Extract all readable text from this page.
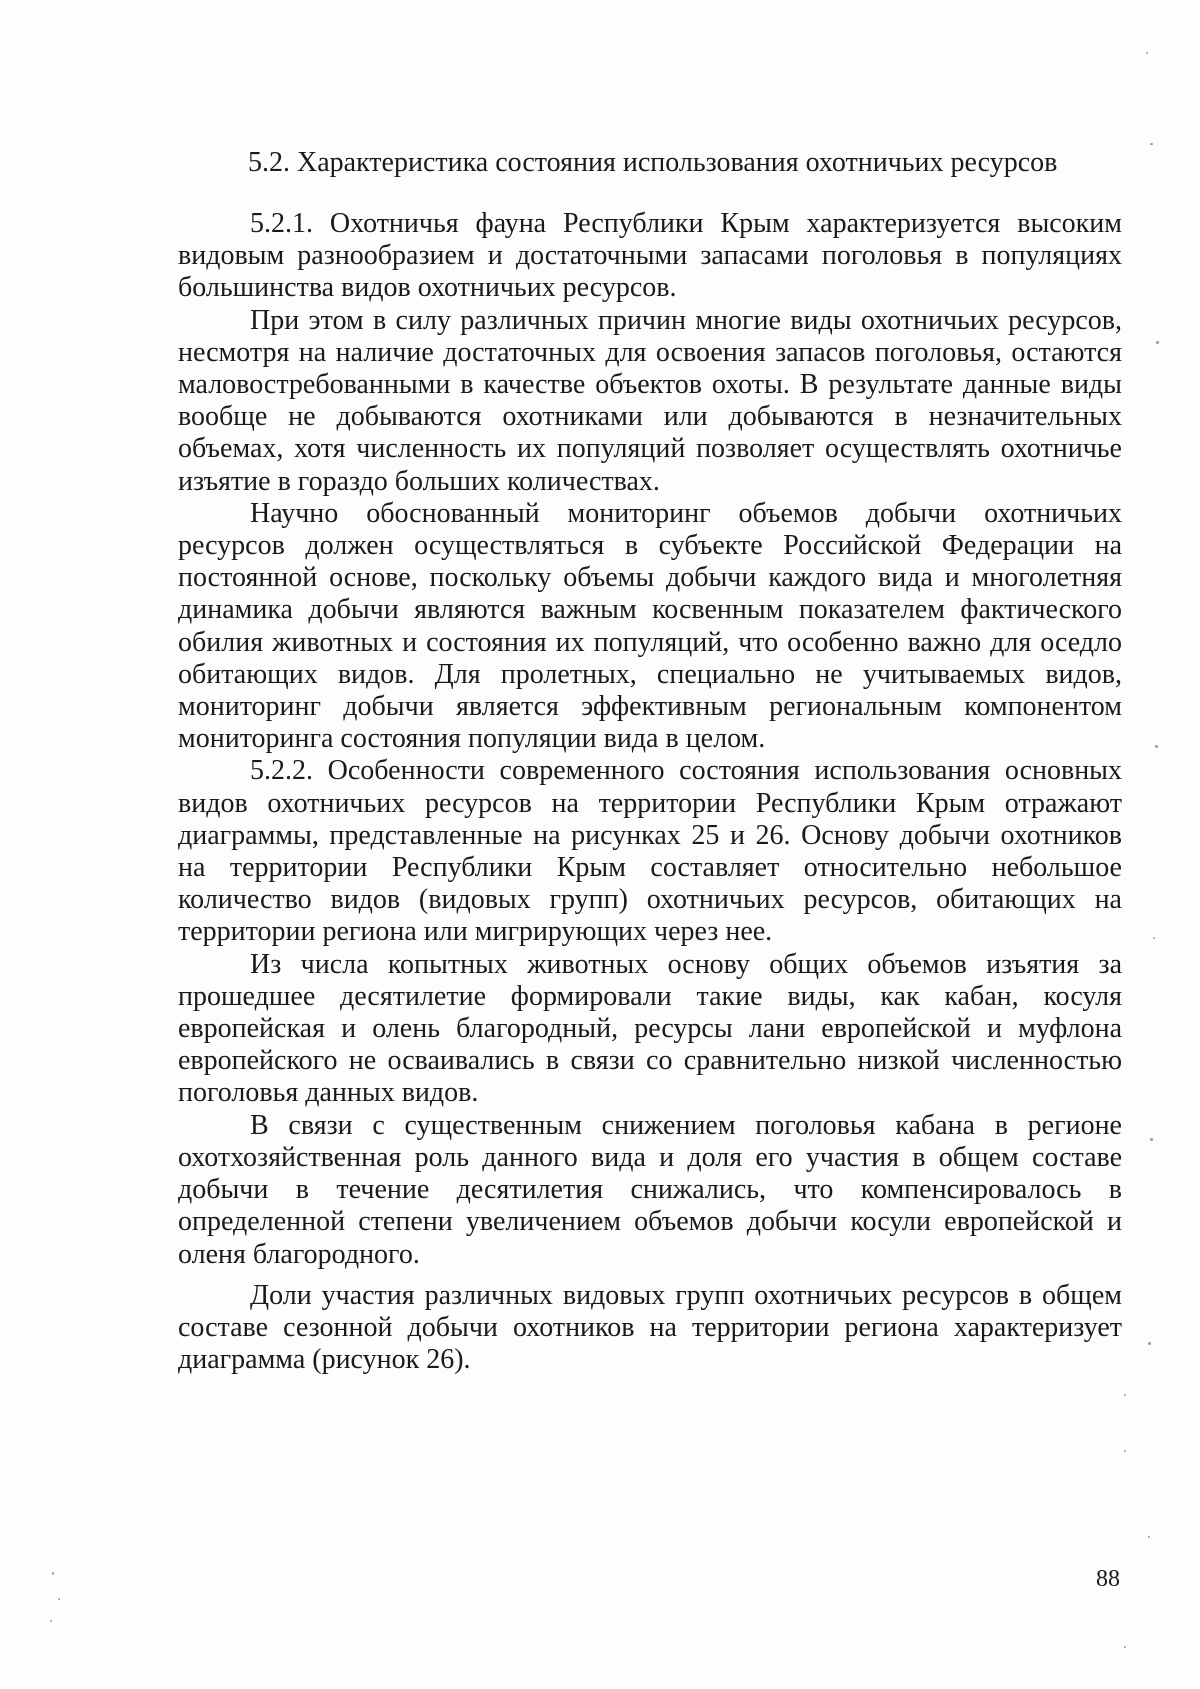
5.2. Характеристика состояния использования охотничьих ресурсов

5.2.1. Охотничья фауна Республики Крым характеризуется высоким видовым разнообразием и достаточными запасами поголовья в популяциях большинства видов охотничьих ресурсов.

При этом в силу различных причин многие виды охотничьих ресурсов, несмотря на наличие достаточных для освоения запасов поголовья, остаются маловостребованными в качестве объектов охоты. В результате данные виды вообще не добываются охотниками или добываются в незначительных объемах, хотя численность их популяций позволяет осуществлять охотничье изъятие в гораздо больших количествах.

Научно обоснованный мониторинг объемов добычи охотничьих ресурсов должен осуществляться в субъекте Российской Федерации на постоянной основе, поскольку объемы добычи каждого вида и многолетняя динамика добычи являются важным косвенным показателем фактического обилия животных и состояния их популяций, что особенно важно для оседло обитающих видов. Для пролетных, специально не учитываемых видов, мониторинг добычи является эффективным региональным компонентом мониторинга состояния популяции вида в целом.

5.2.2. Особенности современного состояния использования основных видов охотничьих ресурсов на территории Республики Крым отражают диаграммы, представленные на рисунках 25 и 26. Основу добычи охотников на территории Республики Крым составляет относительно небольшое количество видов (видовых групп) охотничьих ресурсов, обитающих на территории региона или мигрирующих через нее.

Из числа копытных животных основу общих объемов изъятия за прошедшее десятилетие формировали такие виды, как кабан, косуля европейская и олень благородный, ресурсы лани европейской и муфлона европейского не осваивались в связи со сравнительно низкой численностью поголовья данных видов.

В связи с существенным снижением поголовья кабана в регионе охотхозяйственная роль данного вида и доля его участия в общем составе добычи в течение десятилетия снижались, что компенсировалось в определенной степени увеличением объемов добычи косули европейской и оленя благородного.

Доли участия различных видовых групп охотничьих ресурсов в общем составе сезонной добычи охотников на территории региона характеризует диаграмма (рисунок 26).

88
